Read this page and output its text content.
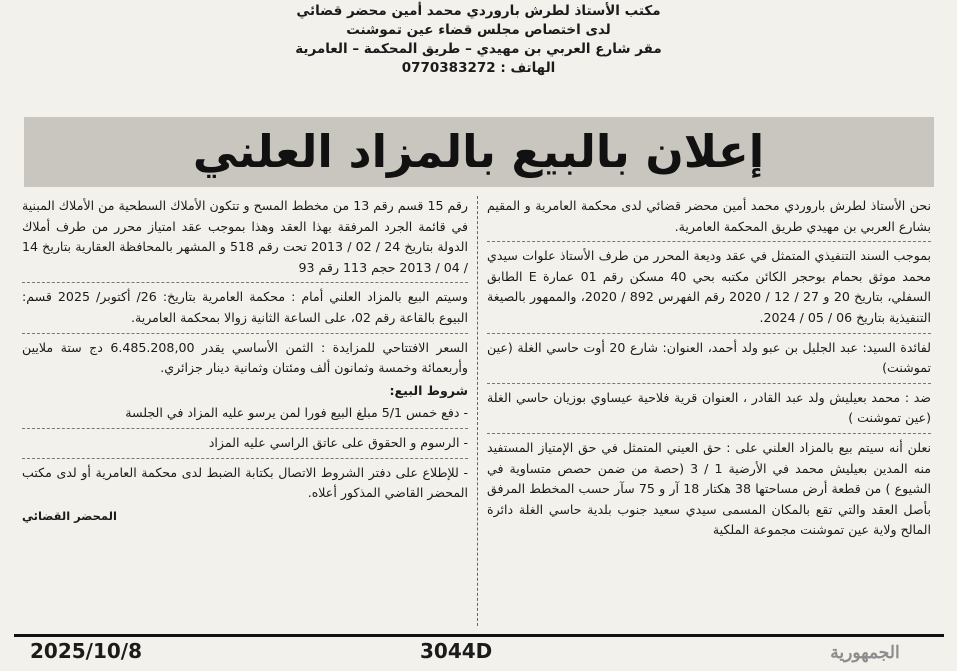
مكتب الأستاذ لطرش باروردي محمد أمين محضر قضائي
لدى اختصاص مجلس قضاء عين تموشنت
مقر شارع العربي بن مهيدي – طريق المحكمة – العامرية
الهاتف : 0770383272
إعلان بالبيع بالمزاد العلني

نحن الأستاذ لطرش باروردي محمد أمين محضر قضائي لدى محكمة العامرية و المقيم بشارع العربي بن مهيدي طريق المحكمة العامرية.

بموجب السند التنفيذي المتمثل في عقد وديعة المحرر من طرف الأستاذ علوات سيدي محمد موثق بحمام بوحجر الكائن مكتبه بحي 40 مسكن رقم 01 عمارة E الطابق السفلي، بتاريخ 20 و 27 / 12 / 2020 رقم الفهرس 892 / 2020، والممهور بالصيغة التنفيذية بتاريخ 06 / 05 / 2024.

لفائدة السيد: عبد الجليل بن عبو ولد أحمد، العنوان: شارع 20 أوت حاسي الغلة (عين تموشنت)

ضد : محمد بعيليش ولد عبد القادر ، العنوان قرية فلاحية عيساوي بوزيان حاسي الغلة (عين تموشنت )

نعلن أنه سيتم بيع بالمزاد العلني على : حق العيني المتمثل في حق الإمتياز المستفيد منه المدين بعيليش محمد في الأرضية 1 / 3 (حصة من ضمن حصص متساوية في الشيوع ) من قطعة أرض مساحتها 38 هكتار 18 آر و 75 سآر حسب المخطط المرفق بأصل العقد والتي تقع بالمكان المسمى سيدي سعيد جنوب بلدية حاسي الغلة دائرة المالح ولاية عين تموشنت مجموعة الملكية

رقم 15 قسم رقم 13 من مخطط المسح و تتكون الأملاك السطحية من الأملاك المبنية في قائمة الجرد المرفقة بهذا العقد وهذا بموجب عقد امتياز محرر من طرف أملاك الدولة بتاريخ 24 / 02 / 2013 تحت رقم 518 و المشهر بالمحافظة العقارية بتاريخ 14 / 04 / 2013 حجم 113 رقم 93

وسيتم البيع بالمزاد العلني أمام : محكمة العامرية بتاريخ: 26/ أكتوبر/ 2025 قسم: البيوع بالقاعة رقم 02، على الساعة الثانية زوالا بمحكمة العامرية.

السعر الافتتاحي للمزايدة : الثمن الأساسي يقدر 6.485.208,00 دج ستة ملايين وأربعمائة وخمسة وثمانون ألف ومئتان وثمانية دينار جزائري.

شروط البيع:

- دفع خمس 5/1 مبلغ البيع فورا لمن يرسو عليه المزاد في الجلسة

- الرسوم و الحقوق على عاتق الراسي عليه المزاد

- للإطلاع على دفتر الشروط الاتصال بكتابة الضبط لدى محكمة العامرية أو لدى مكتب المحضر القاضي المذكور أعلاه.

المحضر القضائي

2025/10/8	3044D	الجمهورية
